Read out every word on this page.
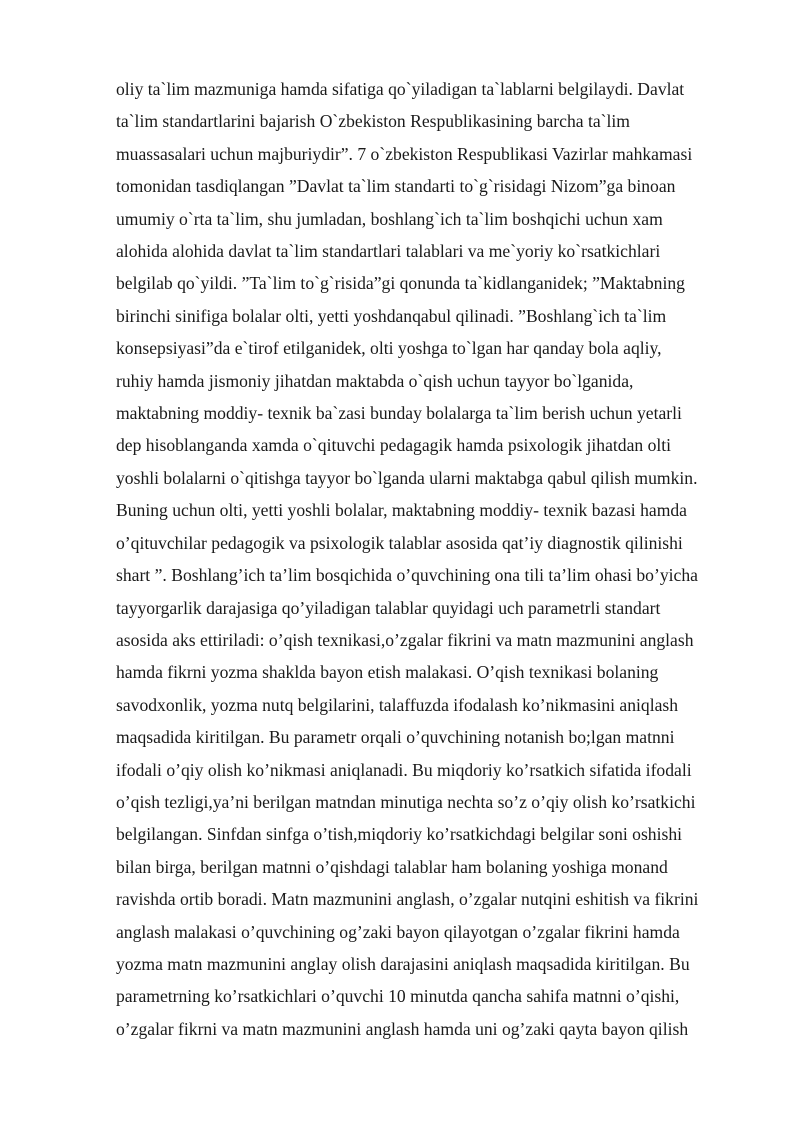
oliy ta`lim mazmuniga hamda sifatiga qo`yiladigan ta`lablarni belgilaydi. Davlat
ta`lim standartlarini bajarish O`zbekiston Respublikasining barcha ta`lim
muassasalari uchun majburiydir”. 7 o`zbekiston Respublikasi Vazirlar mahkamasi
tomonidan tasdiqlangan ”Davlat ta`lim standarti to`g`risidagi Nizom”ga binoan
umumiy o`rta ta`lim, shu jumladan, boshlang`ich ta`lim boshqichi uchun xam
alohida alohida davlat ta`lim standartlari talablari va me`yoriy ko`rsatkichlari
belgilab qo`yildi. ”Ta`lim to`g`risida”gi qonunda ta`kidlanganidek; ”Maktabning
birinchi sinifiga bolalar olti, yetti yoshdanqabul qilinadi. ”Boshlang`ich ta`lim
konsepsiyasi”da e`tirof etilganidek, olti yoshga to`lgan har qanday bola aqliy,
ruhiy hamda jismoniy jihatdan maktabda o`qish uchun tayyor bo`lganida,
maktabning moddiy- texnik ba`zasi bunday bolalarga ta`lim berish uchun yetarli
dep hisoblanganda xamda o`qituvchi pedagagik hamda psixologik jihatdan olti
yoshli bolalarni o`qitishga tayyor bo`lganda ularni maktabga qabul qilish mumkin.
Buning uchun olti, yetti yoshli bolalar, maktabning moddiy- texnik bazasi hamda
o’qituvchilar pedagogik va psixologik talablar asosida qat’iy diagnostik qilinishi
shart ”. Boshlang’ich ta’lim bosqichida o’quvchining ona tili ta’lim ohasi bo’yicha
tayyorgarlik darajasiga qo’yiladigan talablar quyidagi uch parametrli standart
asosida aks ettiriladi: o’qish texnikasi,o’zgalar fikrini va matn mazmunini anglash
hamda fikrni yozma shaklda bayon etish malakasi. O’qish texnikasi bolaning
savodxonlik, yozma nutq belgilarini, talaffuzda ifodalash ko’nikmasini aniqlash
maqsadida kiritilgan. Bu parametr orqali o’quvchining notanish bo;lgan matnni
ifodali o’qiy olish ko’nikmasi aniqlanadi. Bu miqdoriy ko’rsatkich sifatida ifodali
o’qish tezligi,ya’ni berilgan matndan minutiga nechta so’z o’qiy olish ko’rsatkichi
belgilangan. Sinfdan sinfga o’tish,miqdoriy ko’rsatkichdagi belgilar soni oshishi
bilan birga, berilgan matnni o’qishdagi talablar ham bolaning yoshiga monand
ravishda ortib boradi. Matn mazmunini anglash, o’zgalar nutqini eshitish va fikrini
anglash malakasi o’quvchining og’zaki bayon qilayotgan o’zgalar fikrini hamda
yozma matn mazmunini anglay olish darajasini aniqlash maqsadida kiritilgan. Bu
parametrning ko’rsatkichlari o’quvchi 10 minutda qancha sahifa matnni o’qishi,
o’zgalar fikrni va matn mazmunini anglash hamda uni og’zaki qayta bayon qilish
